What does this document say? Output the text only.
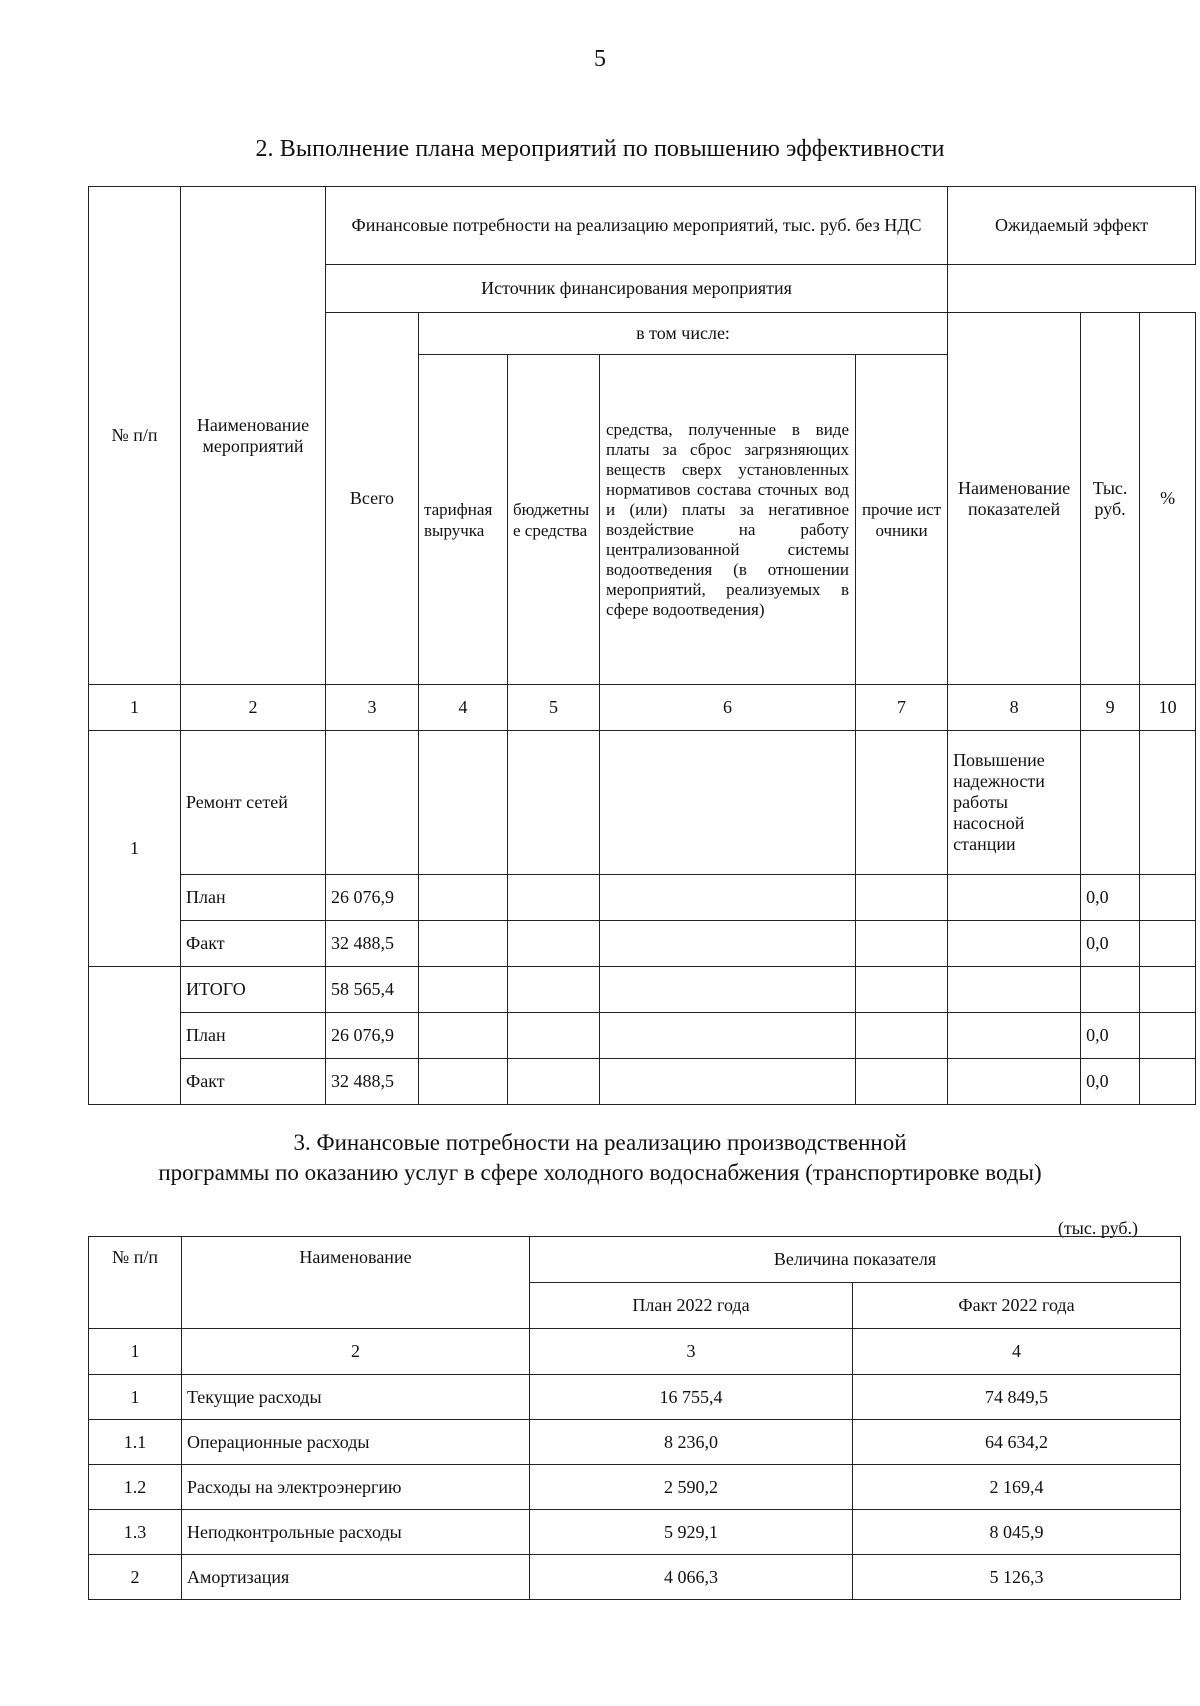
5
2. Выполнение плана мероприятий по повышению эффективности
№ п/п	Наименование мероприятий	Финансовые потребности на реализацию мероприятий, тыс. руб. без НДС					Ожидаемый эффект		
		Источник финансирования мероприятия							
		Всего	в том числе:				Наименование показателей	Тыс. руб.	%
			тарифная выручка	бюджетные средства	средства, полученные в виде платы за сброс загрязняющих веществ сверх установленных нормативов состава сточных вод и (или) платы за негативное воздействие на работу централизованной системы водоотведения (в отношении мероприятий, реализуемых в сфере водоотведения)	прочие источники			

1	2	3	4	5	6	7	8	9	10
1	Ремонт сетей						Повышение надежности работы насосной станции		
	План	26 076,9						0,0	
	Факт	32 488,5						0,0	
	ИТОГО	58 565,4							
	План	26 076,9						0,0	
	Факт	32 488,5						0,0	
3. Финансовые потребности на реализацию производственной
программы по оказанию услуг в сфере холодного водоснабжения (транспортировке воды)
(тыс. руб.)
№ п/п	Наименование	Величина показателя	
		План 2022 года	Факт 2022 года
1	2	3	4
1	Текущие расходы	16 755,4	74 849,5
1.1	Операционные расходы	8 236,0	64 634,2
1.2	Расходы на электроэнергию	2 590,2	2 169,4
1.3	Неподконтрольные расходы	5 929,1	8 045,9
2	Амортизация	4 066,3	5 126,3
